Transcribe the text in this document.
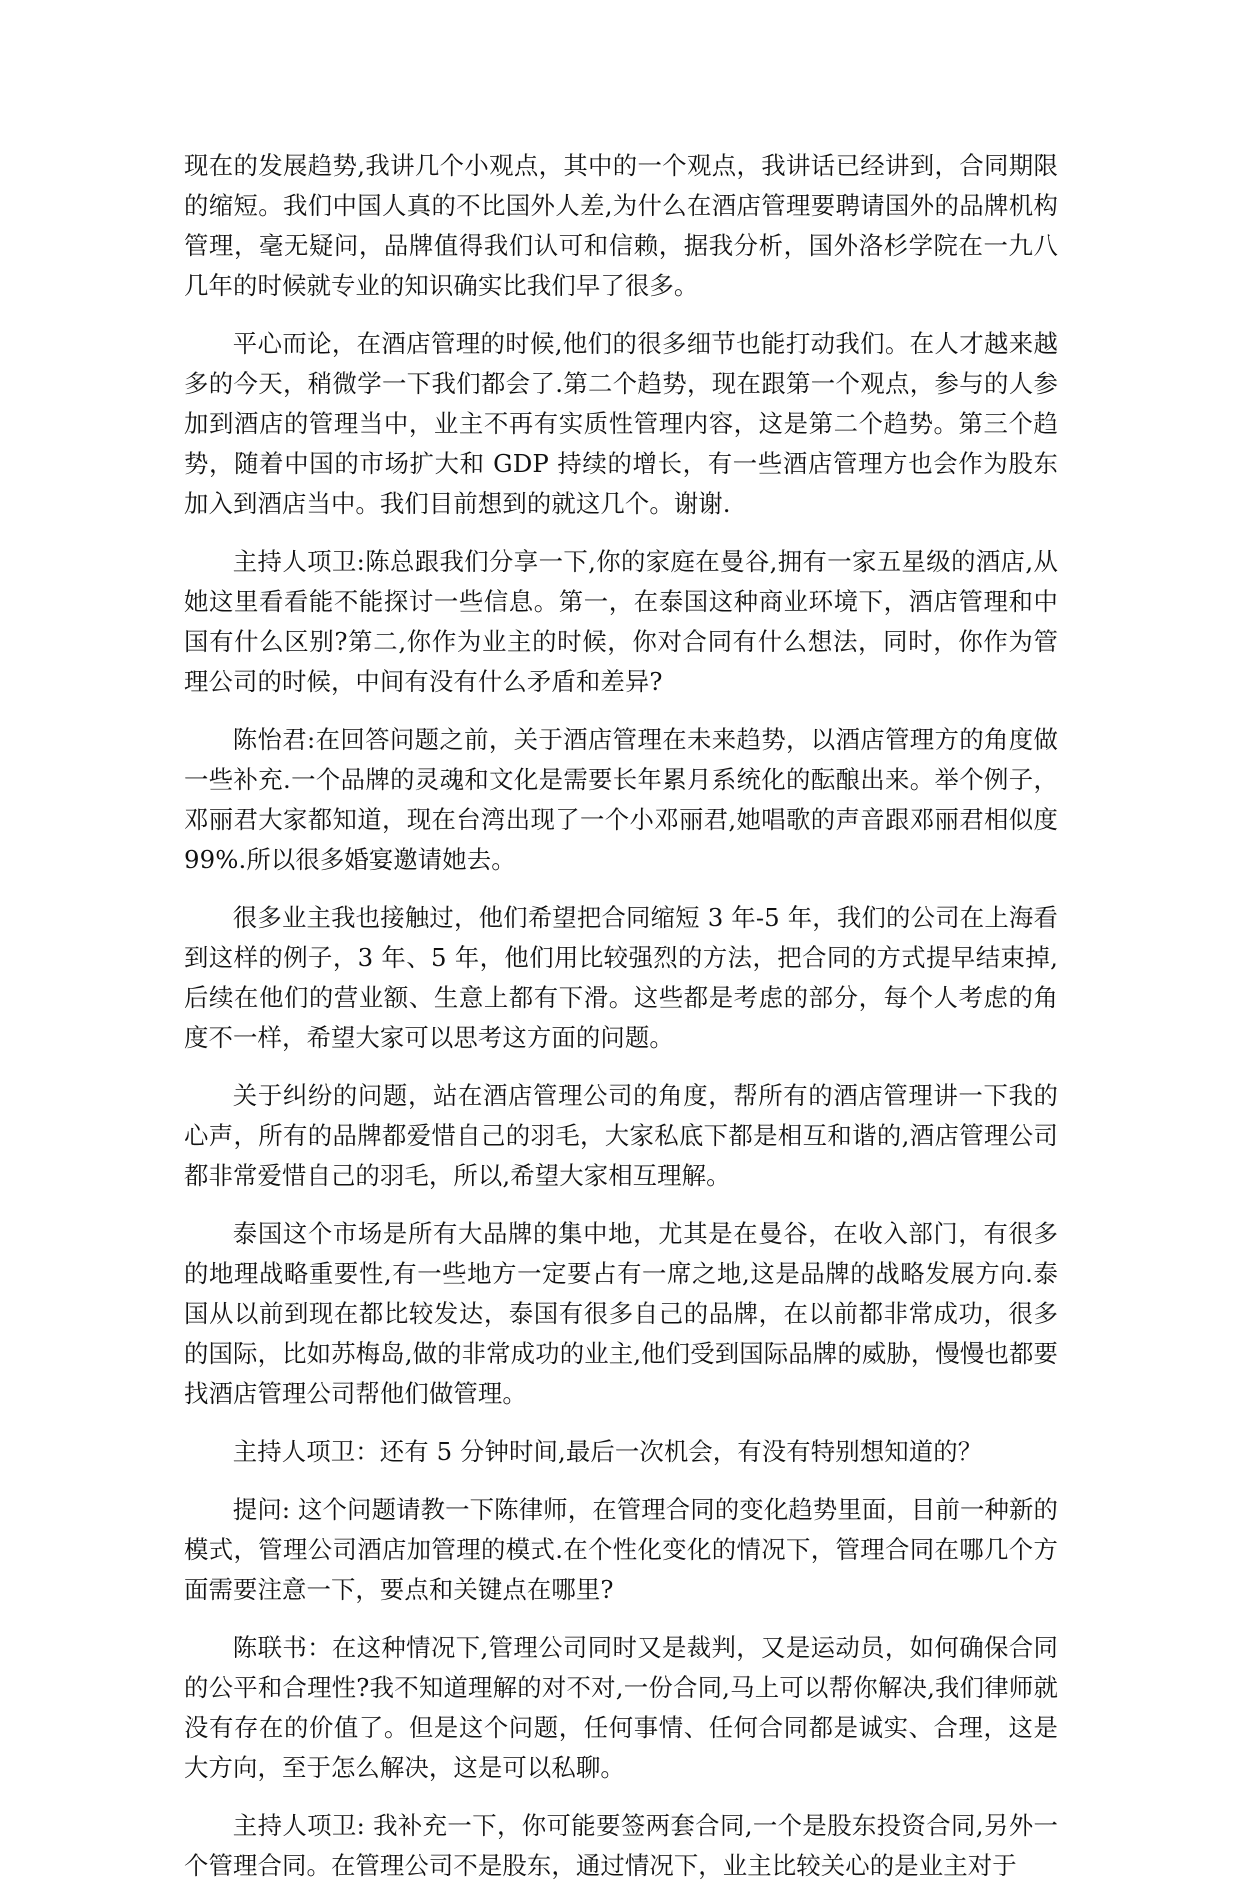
现在的发展趋势,我讲几个小观点，其中的一个观点，我讲话已经讲到，合同期限的缩短。我们中国人真的不比国外人差,为什么在酒店管理要聘请国外的品牌机构管理，毫无疑问，品牌值得我们认可和信赖，据我分析，国外洛杉学院在一九八几年的时候就专业的知识确实比我们早了很多。

平心而论，在酒店管理的时候,他们的很多细节也能打动我们。在人才越来越多的今天，稍微学一下我们都会了.第二个趋势，现在跟第一个观点，参与的人参加到酒店的管理当中，业主不再有实质性管理内容，这是第二个趋势。第三个趋势，随着中国的市场扩大和 GDP 持续的增长，有一些酒店管理方也会作为股东加入到酒店当中。我们目前想到的就这几个。谢谢.

主持人项卫:陈总跟我们分享一下,你的家庭在曼谷,拥有一家五星级的酒店,从她这里看看能不能探讨一些信息。第一，在泰国这种商业环境下，酒店管理和中国有什么区别?第二,你作为业主的时候，你对合同有什么想法，同时，你作为管理公司的时候，中间有没有什么矛盾和差异?

陈怡君:在回答问题之前，关于酒店管理在未来趋势，以酒店管理方的角度做一些补充.一个品牌的灵魂和文化是需要长年累月系统化的酝酿出来。举个例子，邓丽君大家都知道，现在台湾出现了一个小邓丽君,她唱歌的声音跟邓丽君相似度 99%.所以很多婚宴邀请她去。

很多业主我也接触过，他们希望把合同缩短 3 年-5 年，我们的公司在上海看到这样的例子，3 年、5 年，他们用比较强烈的方法，把合同的方式提早结束掉,后续在他们的营业额、生意上都有下滑。这些都是考虑的部分，每个人考虑的角度不一样，希望大家可以思考这方面的问题。

关于纠纷的问题，站在酒店管理公司的角度，帮所有的酒店管理讲一下我的心声，所有的品牌都爱惜自己的羽毛，大家私底下都是相互和谐的,酒店管理公司都非常爱惜自己的羽毛，所以,希望大家相互理解。

泰国这个市场是所有大品牌的集中地，尤其是在曼谷，在收入部门，有很多的地理战略重要性,有一些地方一定要占有一席之地,这是品牌的战略发展方向.泰国从以前到现在都比较发达，泰国有很多自己的品牌，在以前都非常成功，很多的国际，比如苏梅岛,做的非常成功的业主,他们受到国际品牌的威胁，慢慢也都要找酒店管理公司帮他们做管理。

主持人项卫：还有 5 分钟时间,最后一次机会，有没有特别想知道的？

提问: 这个问题请教一下陈律师，在管理合同的变化趋势里面，目前一种新的模式，管理公司酒店加管理的模式.在个性化变化的情况下，管理合同在哪几个方面需要注意一下，要点和关键点在哪里?

陈联书：在这种情况下,管理公司同时又是裁判，又是运动员，如何确保合同的公平和合理性?我不知道理解的对不对,一份合同,马上可以帮你解决,我们律师就没有存在的价值了。但是这个问题，任何事情、任何合同都是诚实、合理，这是大方向，至于怎么解决，这是可以私聊。

主持人项卫: 我补充一下，你可能要签两套合同,一个是股东投资合同,另外一个管理合同。在管理公司不是股东，通过情况下，业主比较关心的是业主对于
